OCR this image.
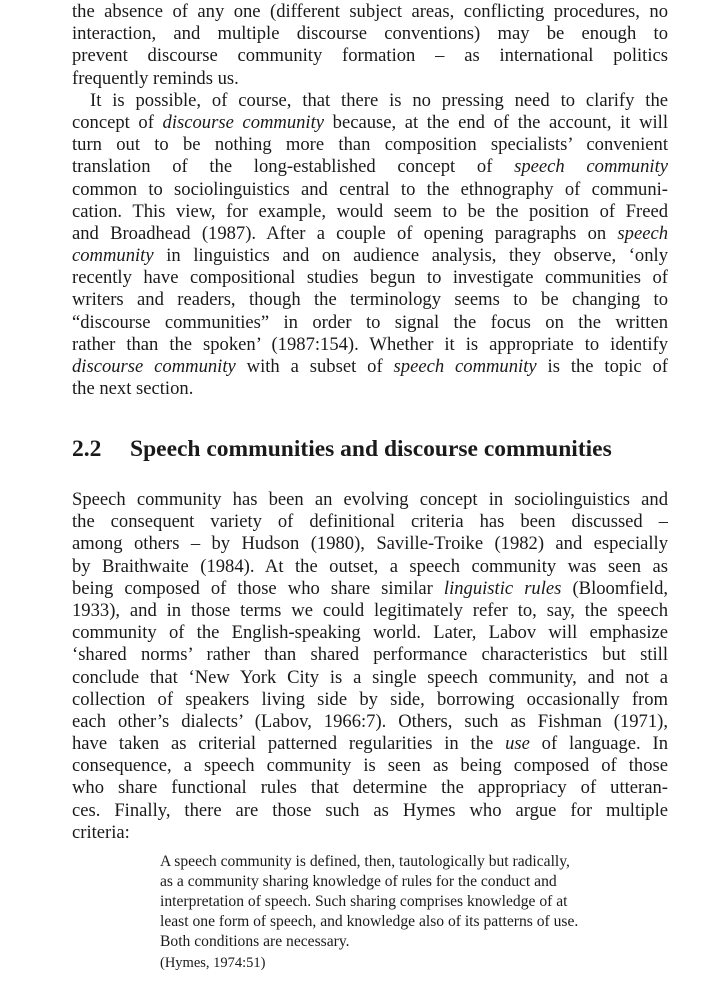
the absence of any one (different subject areas, conflicting procedures, no
interaction, and multiple discourse conventions) may be enough to
prevent discourse community formation – as international politics
frequently reminds us.
It is possible, of course, that there is no pressing need to clarify the
concept of discourse community because, at the end of the account, it will
turn out to be nothing more than composition specialists’ convenient
translation of the long-established concept of speech community
common to sociolinguistics and central to the ethnography of communi-
cation. This view, for example, would seem to be the position of Freed
and Broadhead (1987). After a couple of opening paragraphs on speech
community in linguistics and on audience analysis, they observe, ‘only
recently have compositional studies begun to investigate communities of
writers and readers, though the terminology seems to be changing to
“discourse communities” in order to signal the focus on the written
rather than the spoken’ (1987:154). Whether it is appropriate to identify
discourse community with a subset of speech community is the topic of
the next section.
2.2 Speech communities and discourse communities
Speech community has been an evolving concept in sociolinguistics and
the consequent variety of definitional criteria has been discussed –
among others – by Hudson (1980), Saville-Troike (1982) and especially
by Braithwaite (1984). At the outset, a speech community was seen as
being composed of those who share similar linguistic rules (Bloomfield,
1933), and in those terms we could legitimately refer to, say, the speech
community of the English-speaking world. Later, Labov will emphasize
‘shared norms’ rather than shared performance characteristics but still
conclude that ‘New York City is a single speech community, and not a
collection of speakers living side by side, borrowing occasionally from
each other’s dialects’ (Labov, 1966:7). Others, such as Fishman (1971),
have taken as criterial patterned regularities in the use of language. In
consequence, a speech community is seen as being composed of those
who share functional rules that determine the appropriacy of utteran-
ces. Finally, there are those such as Hymes who argue for multiple
criteria:
A speech community is defined, then, tautologically but radically,
as a community sharing knowledge of rules for the conduct and
interpretation of speech. Such sharing comprises knowledge of at
least one form of speech, and knowledge also of its patterns of use.
Both conditions are necessary.
(Hymes, 1974:51)
